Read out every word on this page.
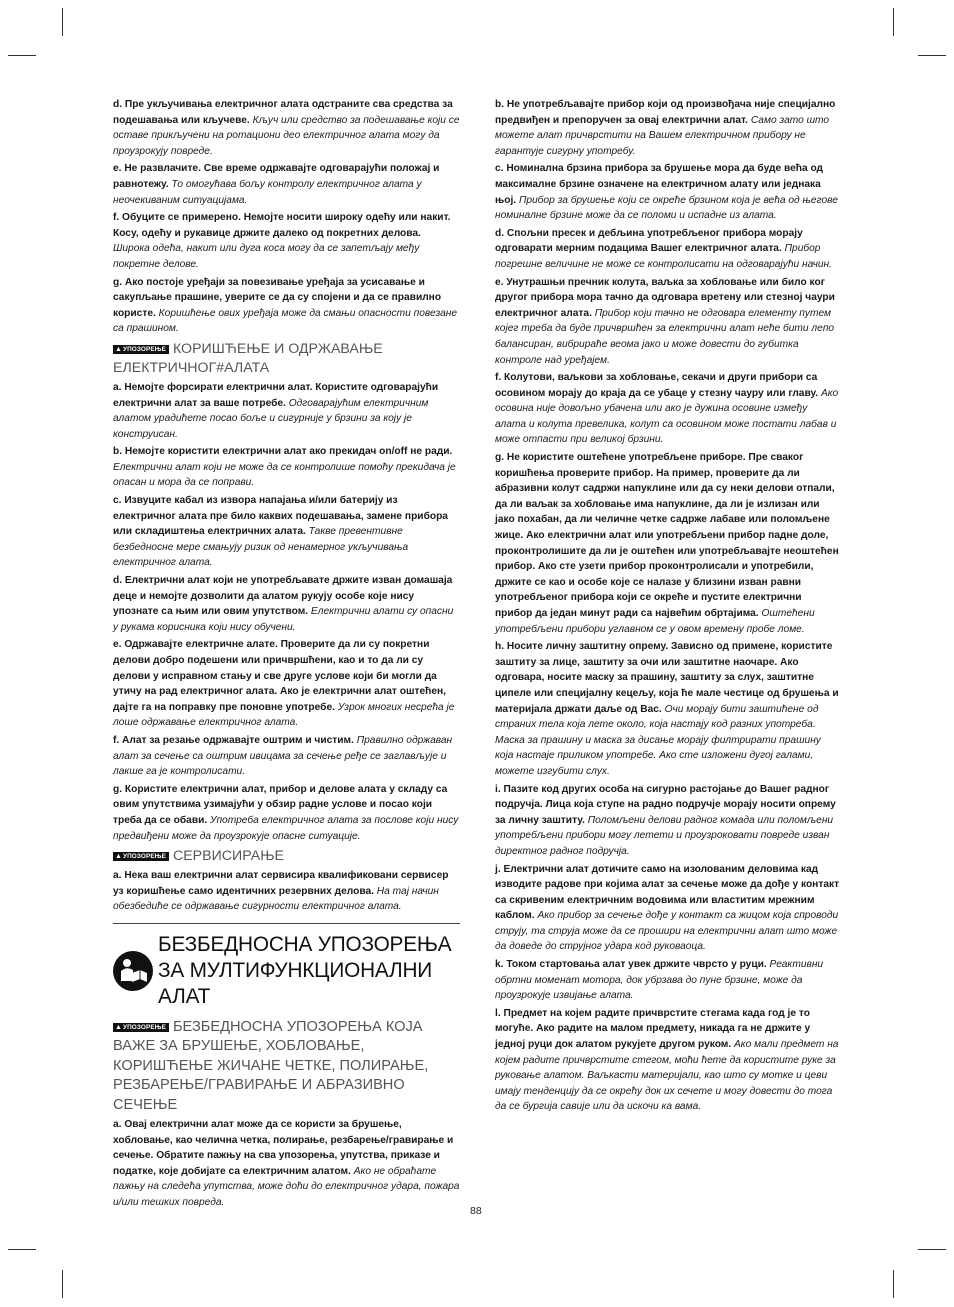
d. Пре укључивања електричног алата одстраните сва средства за подешавања или кључеве. Кључ или средство за подешавање који се оставе прикључени на ротациони део електричног алата могу да проузрокују повреде.

e. Не развлачите. Све време одржавајте одговарајући положај и равнотежу. То омогућава бољу контролу електричног алата у неочекиваним ситуацијама.

f. Обуците се примерено. Немојте носити широку одећу или накит. Косу, одећу и рукавице држите далеко од покретних делова. Широка одећа, накит или дуга коса могу да се запетљају међу покретне делове.

g. Ако постоје уређаји за повезивање уређаја за усисавање и сакупљање прашине, уверите се да су спојени и да се правилно користе. Коришћење ових уређаја може да смањи опасности повезане са прашином.

▲УПОЗОРЕЊЕ КОРИШЋЕЊЕ И ОДРЖАВАЊЕ ЕЛЕКТРИЧНОГ#АЛАТА

a. Немојте форсирати електрични алат. Користите одговарајући електрични алат за ваше потребе. Одговарајућим електричним алатом урадићете посао боље и сигурније у брзини за коју је конструисан.

b. Немојте користити електрични алат ако прекидач on/off не ради. Електрични алат који не може да се контролише помоћу прекидача је опасан и мора да се поправи.

c. Извуците кабал из извора напајања и/или батерију из електричног алата пре било каквих подешавања, замене прибора или складиштења електричних алата. Такве превентивне безбедносне мере смањују ризик од ненамерног укључивања електричног алата.

d. Електрични алат који не употребљавате држите изван домашаја деце и немојте дозволити да алатом рукују особе које нису упознате са њим или овим упутством. Електрични алати су опасни у рукама корисника који нису обучени.

e. Одржавајте електричне алате. Проверите да ли су покретни делови добро подешени или причвршћени, као и то да ли су делови у исправном стању и све друге услове који би могли да утичу на рад електричног алата. Ако је електрични алат оштећен, дајте га на поправку пре поновне употребе. Узрок многих несрећа је лоше одржавање електричног алата.

f. Алат за резање одржавајте оштрим и чистим. Правилно одржаван алат за сечење са оштрим ивицама за сечење ређе се заглављује и лакше га је контролисати.

g. Користите електрични алат, прибор и делове алата у складу са овим упутствима узимајући у обзир радне услове и посао који треба да се обави. Употреба електричног алата за послове који нису предвиђени може да проузрокује опасне ситуације.

▲УПОЗОРЕЊЕ СЕРВИСИРАЊЕ

a. Нека ваш електрични алат сервисира квалификовани сервисер уз коришћење само идентичних резервних делова. На тај начин обезбедиће се одржавање сигурности електричног алата.

БЕЗБЕДНОСНА УПОЗОРЕЊА ЗА МУЛТИФУНКЦИОНАЛНИ АЛАТ
▲УПОЗОРЕЊЕ БЕЗБЕДНОСНА УПОЗОРЕЊА КОЈА ВАЖЕ ЗА БРУШЕЊЕ, ХОБЛОВАЊЕ, КОРИШЋЕЊЕ ЖИЧАНЕ ЧЕТКЕ, ПОЛИРАЊЕ, РЕЗБАРЕЊЕ/ГРАВИРАЊЕ И АБРАЗИВНО СЕЧЕЊЕ

a. Овај електрични алат може да се користи за брушење, хобловање, као челична четка, полирање, резбарење/гравирање и сечење. Обратите пажњу на сва упозорења, упутства, приказе и податке, које добијате са електричним алатом. Ако не обраћате пажњу на следећа упутства, може доћи до електричног удара, пожара и/или тешких повреда.

b. Не употребљавајте прибор који од произвођача није специјално предвиђен и препоручен за овај електрични алат. Само зато што можете алат причврстити на Вашем електричном прибору не гарантује сигурну употребу.

c. Номинална брзина прибора за брушење мора да буде већа од максималне брзине означене на електричном алату или једнака њој. Прибор за брушење који се окреће брзином која је већа од његове номиналне брзине може да се поломи и испадне из алата.

d. Спољни пресек и дебљина употребљеног прибора морају одговарати мерним подацима Вашег електричног алата. Прибор погрешне величине не може се контролисати на одговарајући начин.

e. Унутрашњи пречник колута, ваљка за хобловање или било ког другог прибора мора тачно да одговара вретену или стезној чаури електричног алата. Прибор који тачно не одговара елементу путем којег треба да буде причвршћен за електрични алат неће бити лепо балансиран, вибрираће веома јако и може довести до губитка контроле над уређајем.

f. Колутови, ваљкови за хобловање, секачи и други прибори са осовином морају до краја да се убаце у стезну чауру или главу. Ако осовина није довољно убачена или ако је дужина осовине између алата и колута превелика, колут са осовином може постати лабав и може отпасти при великој брзини.

g. Не користите оштећене употребљене приборе. Пре сваког коришћења проверите прибор. На пример, проверите да ли абразивни колут садржи напуклине или да су неки делови отпали, да ли ваљак за хобловање има напуклине, да ли је излизан или јако похабан, да ли челичне четке садрже лабаве или поломљене жице. Ако електрични алат или употребљени прибор падне доле, проконтролишите да ли је оштећен или употребљавајте неоштећен прибор. Ако сте узети прибор проконтролисали и употребили, држите се као и особе које се налазе у близини изван равни употребљеног прибора који се окреће и пустите електрични прибор да један минут ради са највећим обртајима. Оштећени употребљени прибори углавном се у овом времену пробе ломе.

h. Носите личну заштитну опрему. Зависно од примене, користите заштиту за лице, заштиту за очи или заштитне наочаре. Ако одговара, носите маску за прашину, заштиту за слух, заштитне ципеле или специјалну кецељу, која ће мале честице од брушења и материјала држати даље од Вас. Очи морају бити заштићене од страних тела која лете около, која настају код разних употреба. Маска за прашину и маска за дисање морају филтрирати прашину која настаје приликом употребе. Ако сте изложени дугој галами, можете изгубити слух.

i. Пазите код других особа на сигурно растојање до Вашег радног подручја. Лица која ступе на радно подручје морају носити опрему за личну заштиту. Поломљени делови радног комада или поломљени употребљени прибори могу летети и проузроковати повреде изван директног радног подручја.

j. Електрични алат дотичите само на изолованим деловима кад изводите радове при којима алат за сечење може да дође у контакт са скривеним електричним водовима или властитим мрежним каблом. Ако прибор за сечење дође у контакт са жицом која спроводи струју, та струја може да се прошири на електрични алат што може да доведе до струјног удара код руковаоца.

k. Током стартовања алат увек држите чврсто у руци. Реактивни обртни моменат мотора, док убрзава до пуне брзине, може да проузрокује извијање алата.

l. Предмет на којем радите причврстите стегама када год је то могуће. Ако радите на малом предмету, никада га не држите у једној руци док алатом рукујете другом руком. Ако мали предмет на којем радите причврстите стегом, моћи ћете да користите руке за руковање алатом. Ваљкасти материјали, као што су мотке и цеви имају тенденцију да се окрећу док их сечете и могу довести до тога да се бургија савије или да искочи ка вама.

88
